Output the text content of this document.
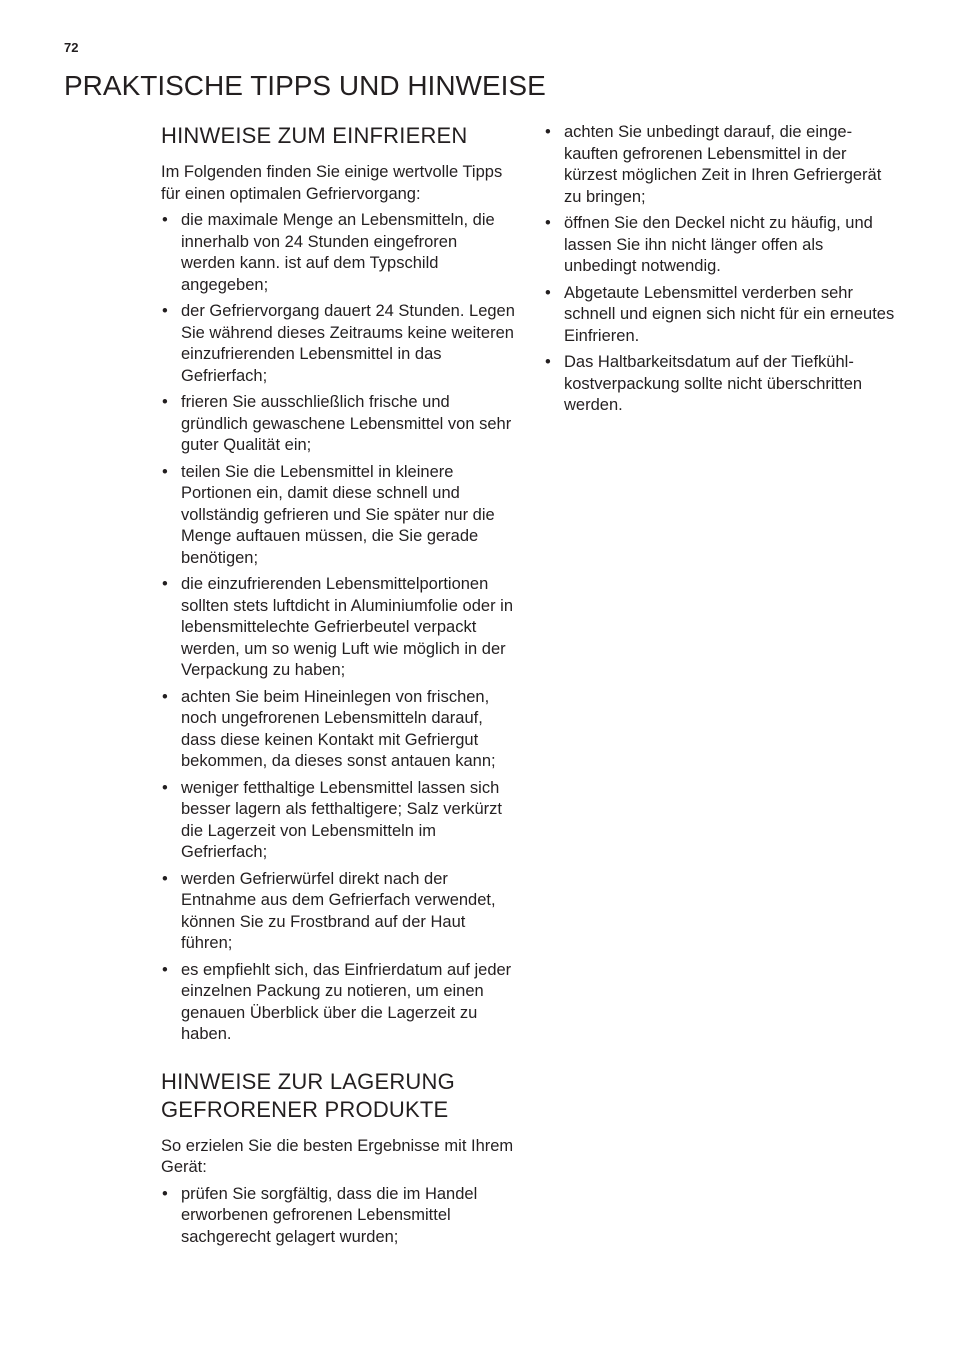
72
PRAKTISCHE TIPPS UND HINWEISE
HINWEISE ZUM EINFRIEREN

Im Folgenden finden Sie einige wertvolle Tipps für einen optimalen Gefriervorgang:

• die maximale Menge an Lebensmitteln, die innerhalb von 24 Stunden eingefroren werden kann. ist auf dem Typschild angegeben;
• der Gefriervorgang dauert 24 Stunden. Legen Sie während dieses Zeitraums keine weiteren einzufrierenden Lebensmittel in das Gefrierfach;
• frieren Sie ausschließlich frische und gründlich gewaschene Lebensmittel von sehr guter Qualität ein;
• teilen Sie die Lebensmittel in kleinere Portionen ein, damit diese schnell und vollständig gefrieren und Sie später nur die Menge auftauen müssen, die Sie gerade benötigen;
• die einzufrierenden Lebensmittelportionen sollten stets luftdicht in Aluminiumfolie oder in lebensmittelechte Gefrierbeutel verpackt werden, um so wenig Luft wie möglich in der Verpackung zu haben;
• achten Sie beim Hineinlegen von frischen, noch ungefrorenen Lebensmitteln darauf, dass diese keinen Kontakt mit Gefriergut bekommen, da dieses sonst antauen kann;
• weniger fetthaltige Lebensmittel lassen sich besser lagern als fetthaltigere; Salz verkürzt die Lagerzeit von Lebensmitteln im Gefrierfach;
• werden Gefrierwürfel direkt nach der Entnahme aus dem Gefrierfach verwendet, können Sie zu Frostbrand auf der Haut führen;
• es empfiehlt sich, das Einfrierdatum auf jeder einzelnen Packung zu notieren, um einen genauen Überblick über die Lagerzeit zu haben.
HINWEISE ZUR LAGERUNG
GEFRORENER PRODUKTE

So erzielen Sie die besten Ergebnisse mit Ihrem Gerät:

• prüfen Sie sorgfältig, dass die im Handel erworbenen gefrorenen Lebensmittel sachgerecht gelagert wurden;
• achten Sie unbedingt darauf, die eingekauften gefrorenen Lebensmittel in der kürzest möglichen Zeit in Ihren Gefriergerät zu bringen;
• öffnen Sie den Deckel nicht zu häufig, und lassen Sie ihn nicht länger offen als unbedingt notwendig.
• Abgetaute Lebensmittel verderben sehr schnell und eignen sich nicht für ein erneutes Einfrieren.
• Das Haltbarkeitsdatum auf der Tiefkühlkostverpackung sollte nicht überschritten werden.
